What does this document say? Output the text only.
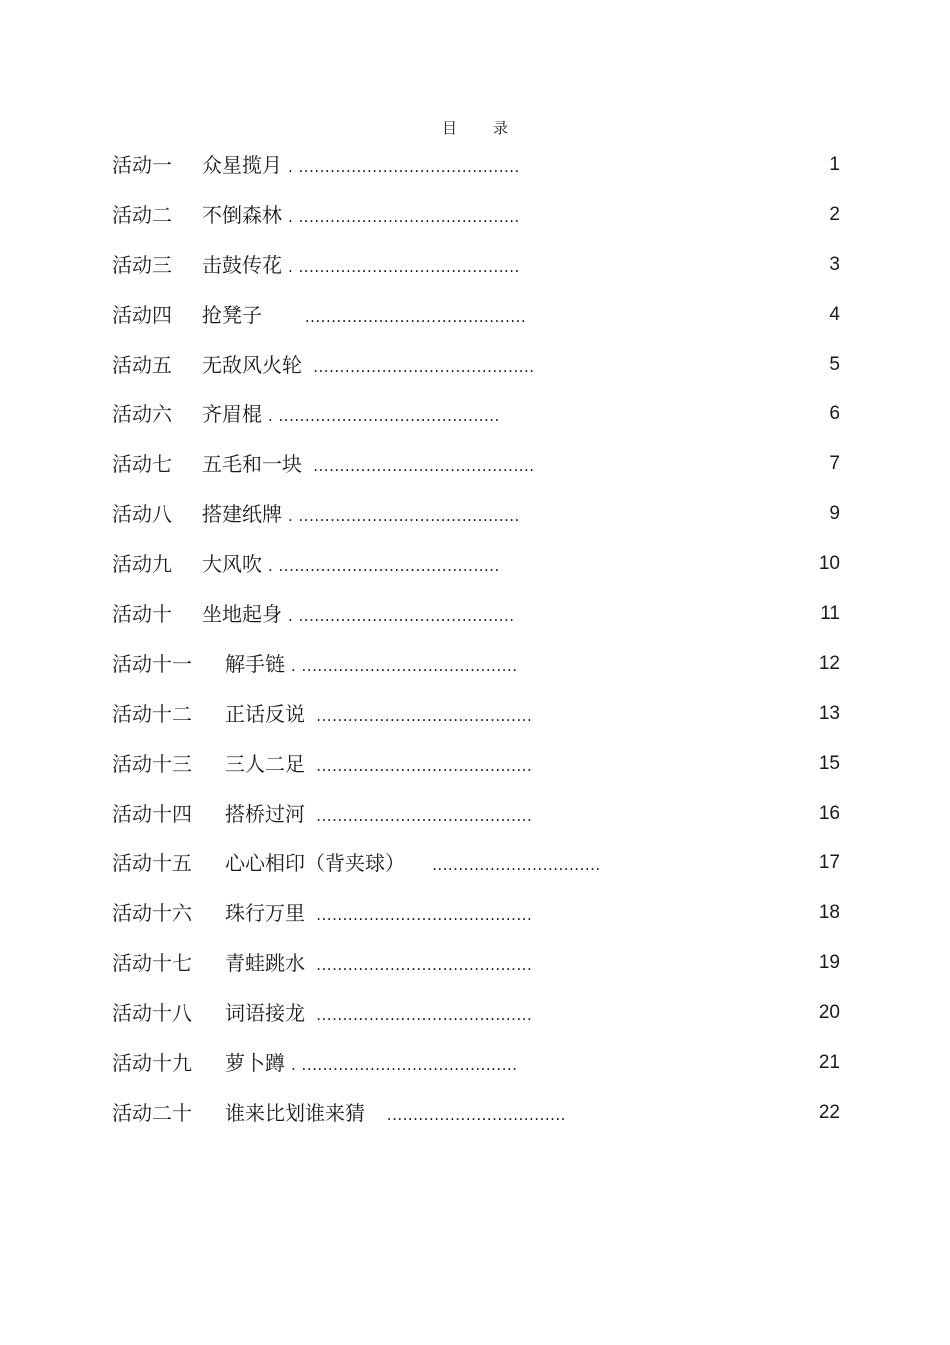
目 录
活动一 众星揽月 . ..........................................	1
活动二 不倒森林 . ..........................................	2
活动三 击鼓传花 . ..........................................	3
活动四 抢凳子       ..........................................	4
活动五 无敌风火轮 ..........................................	5
活动六 齐眉棍 . ..........................................	6
活动七 五毛和一块 ..........................................	7
活动八 搭建纸牌 . ..........................................	9
活动九 大风吹 . ..........................................	10
活动十 坐地起身 . .........................................	11
活动十一 解手链 . .........................................	12
活动十二 正话反说 .........................................	13
活动十三 三人二足 .........................................	15
活动十四 搭桥过河 .........................................	16
活动十五 心心相印（背夹球）    ................................	17
活动十六 珠行万里 .........................................	18
活动十七 青蛙跳水 .........................................	19
活动十八 词语接龙 .........................................	20
活动十九 萝卜蹲 . .........................................	21
活动二十 谁来比划谁来猜   ..................................	22
